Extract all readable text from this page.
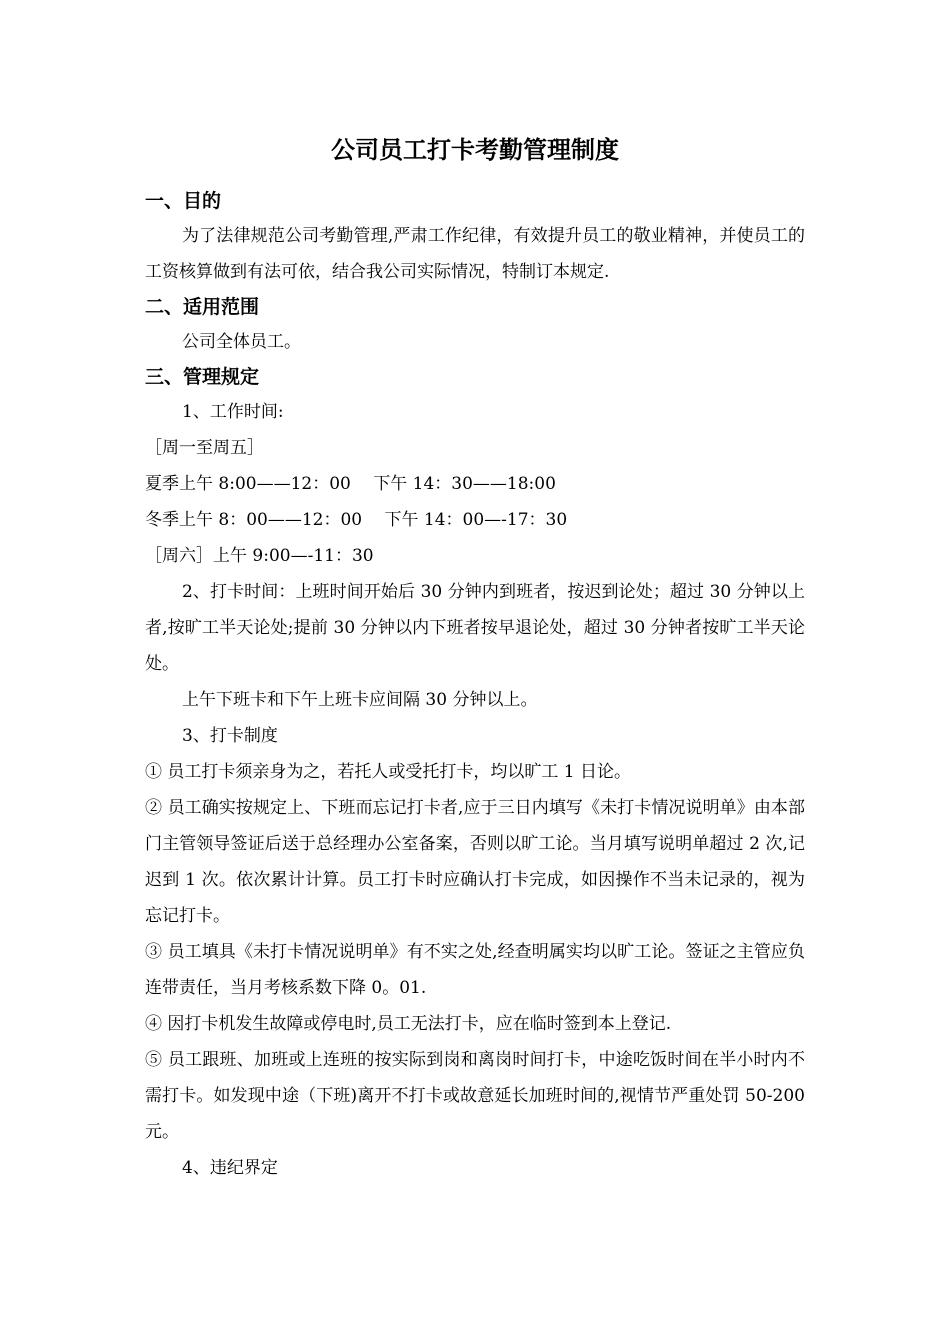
公司员工打卡考勤管理制度
一、目的

为了法律规范公司考勤管理,严肃工作纪律，有效提升员工的敬业精神，并使员工的工资核算做到有法可依，结合我公司实际情况，特制订本规定.

二、适用范围

公司全体员工。

三、管理规定

1、工作时间:

［周一至周五］

夏季上午 8:00——12：00　 下午 14：30——18:00

冬季上午 8：00——12：00　 下午 14：00—-17：30

［周六］上午 9:00—-11：30

2、打卡时间：上班时间开始后 30 分钟内到班者，按迟到论处；超过 30 分钟以上者,按旷工半天论处;提前 30 分钟以内下班者按早退论处，超过 30 分钟者按旷工半天论处。

上午下班卡和下午上班卡应间隔 30 分钟以上。

3、打卡制度

① 员工打卡须亲身为之，若托人或受托打卡，均以旷工 1 日论。

② 员工确实按规定上、下班而忘记打卡者,应于三日内填写《未打卡情况说明单》由本部门主管领导签证后送于总经理办公室备案，否则以旷工论。当月填写说明单超过 2 次,记迟到 1 次。依次累计计算。员工打卡时应确认打卡完成，如因操作不当未记录的，视为忘记打卡。

③ 员工填具《未打卡情况说明单》有不实之处,经查明属实均以旷工论。签证之主管应负连带责任，当月考核系数下降 0。01.

④ 因打卡机发生故障或停电时,员工无法打卡，应在临时签到本上登记.

⑤ 员工跟班、加班或上连班的按实际到岗和离岗时间打卡，中途吃饭时间在半小时内不需打卡。如发现中途（下班)离开不打卡或故意延长加班时间的,视情节严重处罚 50-200 元。

4、违纪界定
